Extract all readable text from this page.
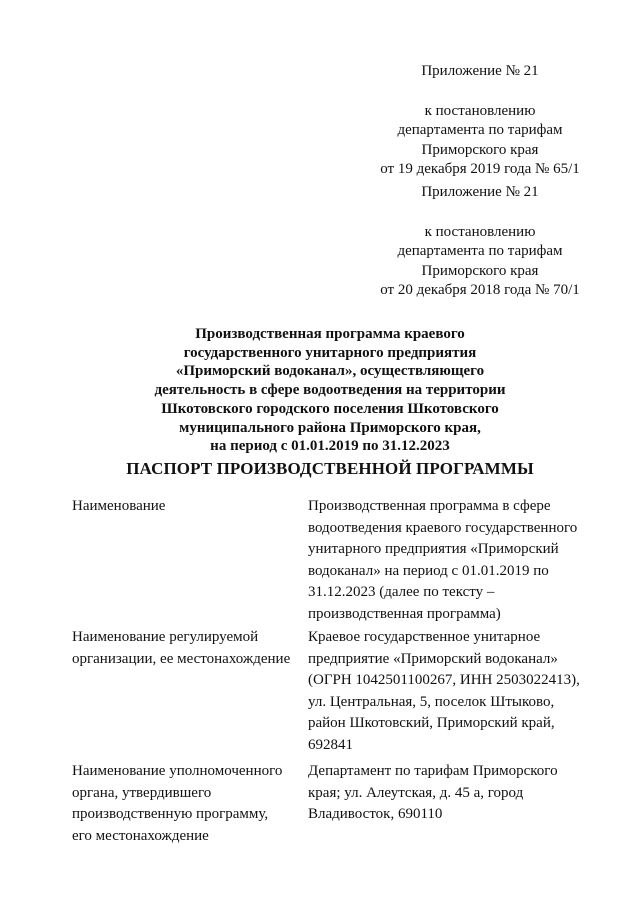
Приложение № 21
к постановлению
департамента по тарифам
Приморского края
от 19 декабря 2019 года № 65/1
Приложение № 21
к постановлению
департамента по тарифам
Приморского края
от 20 декабря 2018 года № 70/1
Производственная программа краевого
государственного унитарного предприятия
«Приморский водоканал», осуществляющего
деятельность в сфере водоотведения на территории
Шкотовского городского поселения Шкотовского
муниципального района Приморского края,
на период с 01.01.2019 по 31.12.2023
ПАСПОРТ ПРОИЗВОДСТВЕННОЙ ПРОГРАММЫ
Наименование	Производственная программа в сфере
водоотведения краевого государственного
унитарного предприятия «Приморский
водоканал» на период с 01.01.2019 по
31.12.2023 (далее по тексту –
производственная программа)
Наименование регулируемой
организации, ее местонахождение
Краевое государственное унитарное
предприятие «Приморский водоканал»
(ОГРН 1042501100267, ИНН 2503022413),
ул. Центральная, 5, поселок Штыково,
район Шкотовский, Приморский край,
692841
Наименование уполномоченного
органа, утвердившего
производственную программу,
его местонахождение
Департамент по тарифам Приморского
края; ул. Алеутская, д. 45 а, город
Владивосток, 690110
